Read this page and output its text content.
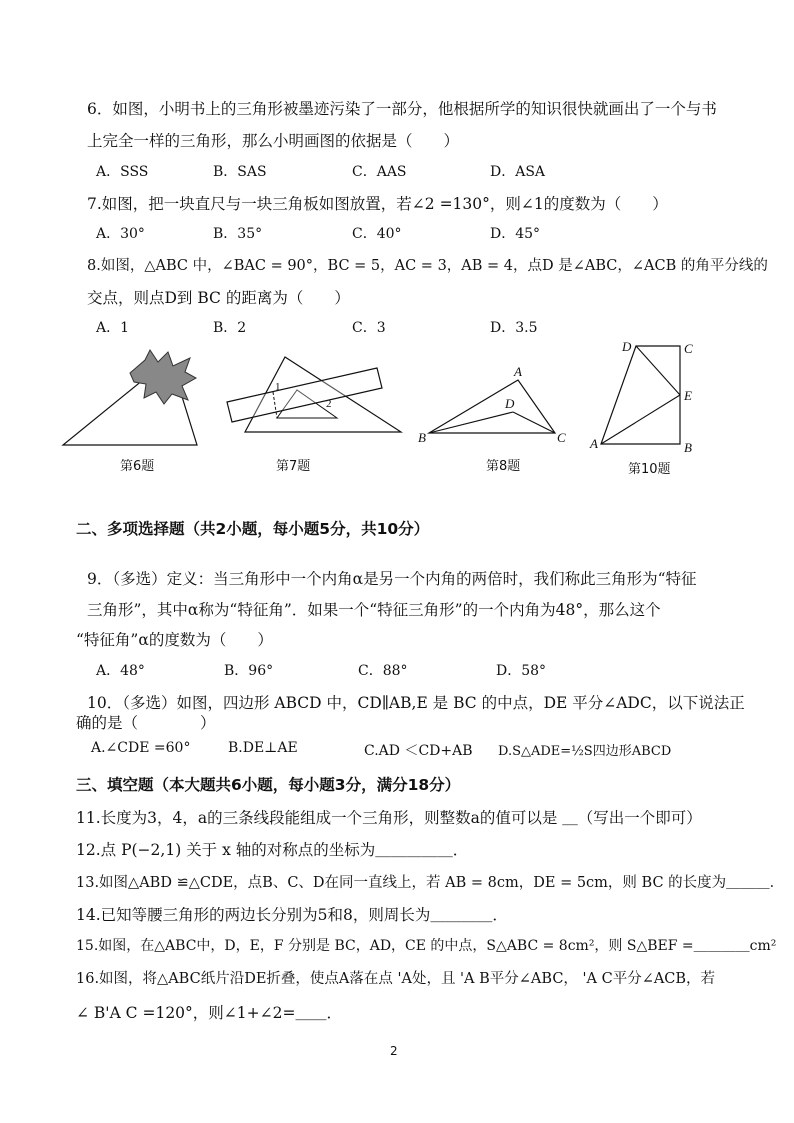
6．如图，小明书上的三角形被墨迹污染了一部分，他根据所学的知识很快就画出了一个与书
上完全一样的三角形，那么小明画图的依据是（　　）
A．SSS	B．SAS	C．AAS	D．ASA
7.如图，把一块直尺与一块三角板如图放置，若∠2 =130°，则∠1的度数为（　　）
A．30°	B．35°	C．40°	D．45°
8.如图，△ABC 中，∠BAC = 90°，BC = 5，AC = 3，AB = 4，点D 是∠ABC，∠ACB 的角平分线的
交点，则点D到 BC 的距离为（　　）
A．1	B．2	C．3	D．3.5
第6题
1
2
第7题
A
D
B	C
第8题
D	C
E
A	B
第10题
二、多项选择题（共2小题，每小题5分，共10分）
9．（多选）定义：当三角形中一个内角α是另一个内角的两倍时，我们称此三角形为“特征
三角形”，其中α称为“特征角”．如果一个“特征三角形”的一个内角为48°，那么这个
“特征角”α的度数为（　　）
A．48°	B．96°	C．88°	D．58°
10．（多选）如图，四边形 ABCD 中，CD∥AB,E 是 BC 的中点，DE 平分∠ADC，以下说法正
确的是（　　　　）
A.∠CDE =60°	B.DE⊥AE	C.AD ＜CD+AB D.S△ADE=½S四边形ABCD
三、填空题（本大题共6小题，每小题3分，满分18分）
11.长度为3，4，a的三条线段能组成一个三角形，则整数a的值可以是 ＿（写出一个即可）
12.点 P(−2,1) 关于 x 轴的对称点的坐标为＿＿＿＿＿．
13.如图△ABD ≌△CDE，点B、C、D在同一直线上，若 AB = 8cm，DE = 5cm，则 BC 的长度为＿＿＿．
14.已知等腰三角形的两边长分别为5和8，则周长为＿＿＿＿．
15.如图，在△ABC中，D，E，F 分别是 BC，AD，CE 的中点，S△ABC = 8cm²，则 S△BEF =＿＿＿＿cm²
16.如图，将△ABC纸片沿DE折叠，使点A落在点 'A处，且 'A B平分∠ABC， 'A C平分∠ACB，若
∠ B'A C =120°，则∠1+∠2=＿＿．
2
